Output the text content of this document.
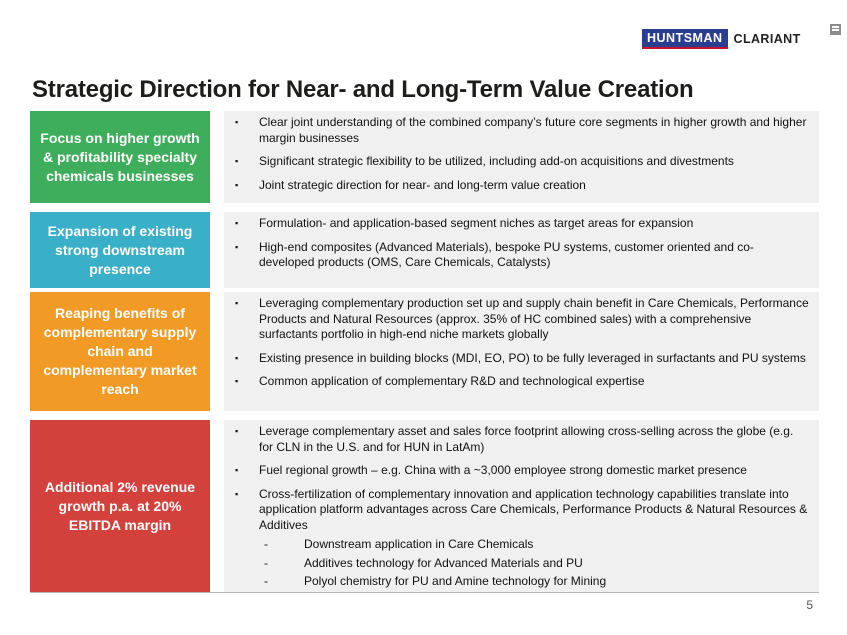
HUNTSMAN CLARIANT
Strategic Direction for Near- and Long-Term Value Creation
Focus on higher growth & profitability specialty chemicals businesses
▪ Clear joint understanding of the combined company’s future core segments in higher growth and higher margin businesses
▪ Significant strategic flexibility to be utilized, including add-on acquisitions and divestments
▪ Joint strategic direction for near- and long-term value creation
Expansion of existing strong downstream presence
▪ Formulation- and application-based segment niches as target areas for expansion
▪ High-end composites (Advanced Materials), bespoke PU systems, customer oriented and co-developed products (OMS, Care Chemicals, Catalysts)
Reaping benefits of complementary supply chain and complementary market reach
▪ Leveraging complementary production set up and supply chain benefit in Care Chemicals, Performance Products and Natural Resources (approx. 35% of HC combined sales) with a comprehensive surfactants portfolio in high-end niche markets globally
▪ Existing presence in building blocks (MDI, EO, PO) to be fully leveraged in surfactants and PU systems
▪ Common application of complementary R&D and technological expertise
Additional 2% revenue growth p.a. at 20% EBITDA margin
▪ Leverage complementary asset and sales force footprint allowing cross-selling across the globe (e.g. for CLN in the U.S. and for HUN in LatAm)
▪ Fuel regional growth – e.g. China with a ~3,000 employee strong domestic market presence
▪ Cross-fertilization of complementary innovation and application technology capabilities translate into application platform advantages across Care Chemicals, Performance Products & Natural Resources & Additives
-	Downstream application in Care Chemicals
-	Additives technology for Advanced Materials and PU
-	Polyol chemistry for PU and Amine technology for Mining
5
